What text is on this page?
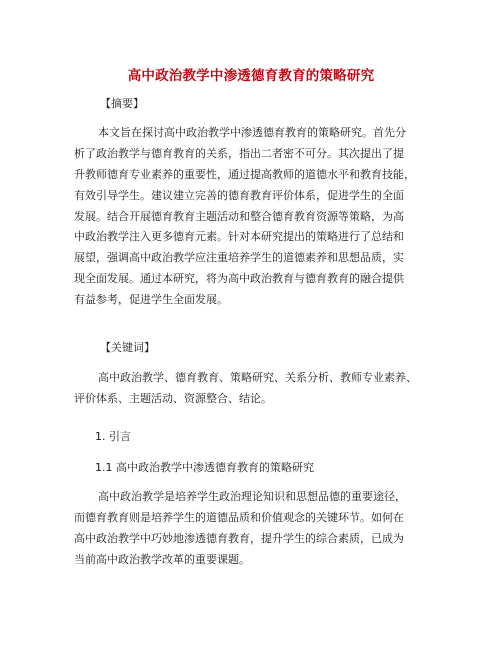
高中政治教学中渗透德育教育的策略研究
【摘要】
本文旨在探讨高中政治教学中渗透德育教育的策略研究。首先分
析了政治教学与德育教育的关系，指出二者密不可分。其次提出了提
升教师德育专业素养的重要性，通过提高教师的道德水平和教育技能，
有效引导学生。建议建立完善的德育教育评价体系，促进学生的全面
发展。结合开展德育教育主题活动和整合德育教育资源等策略，为高
中政治教学注入更多德育元素。针对本研究提出的策略进行了总结和
展望，强调高中政治教学应注重培养学生的道德素养和思想品质，实
现全面发展。通过本研究，将为高中政治教育与德育教育的融合提供
有益参考，促进学生全面发展。
【关键词】
高中政治教学、德育教育、策略研究、关系分析、教师专业素养、
评价体系、主题活动、资源整合、结论。
1. 引言
1.1 高中政治教学中渗透德育教育的策略研究
高中政治教学是培养学生政治理论知识和思想品德的重要途径，
而德育教育则是培养学生的道德品质和价值观念的关键环节。如何在
高中政治教学中巧妙地渗透德育教育，提升学生的综合素质，已成为
当前高中政治教学改革的重要课题。
